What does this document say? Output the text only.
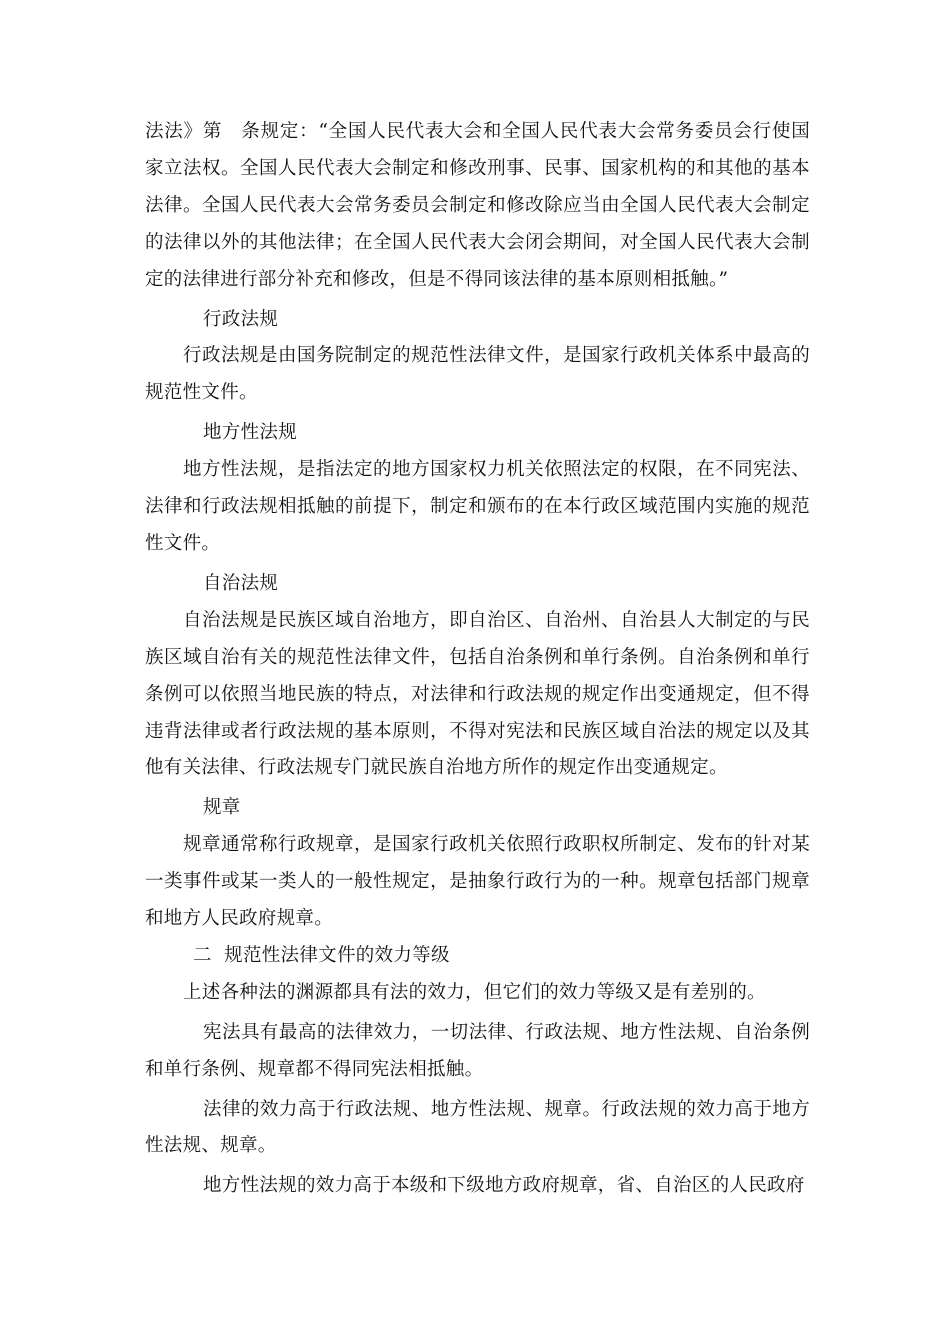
法法》第　条规定：“全国人民代表大会和全国人民代表大会常务委员会行使国家立法权。全国人民代表大会制定和修改刑事、民事、国家机构的和其他的基本法律。全国人民代表大会常务委员会制定和修改除应当由全国人民代表大会制定的法律以外的其他法律；在全国人民代表大会闭会期间，对全国人民代表大会制定的法律进行部分补充和修改，但是不得同该法律的基本原则相抵触。”

行政法规

行政法规是由国务院制定的规范性法律文件，是国家行政机关体系中最高的规范性文件。

地方性法规

地方性法规，是指法定的地方国家权力机关依照法定的权限，在不同宪法、法律和行政法规相抵触的前提下，制定和颁布的在本行政区域范围内实施的规范性文件。

自治法规

自治法规是民族区域自治地方，即自治区、自治州、自治县人大制定的与民族区域自治有关的规范性法律文件，包括自治条例和单行条例。自治条例和单行条例可以依照当地民族的特点，对法律和行政法规的规定作出变通规定，但不得违背法律或者行政法规的基本原则，不得对宪法和民族区域自治法的规定以及其他有关法律、行政法规专门就民族自治地方所作的规定作出变通规定。

规章

规章通常称行政规章，是国家行政机关依照行政职权所制定、发布的针对某一类事件或某一类人的一般性规定，是抽象行政行为的一种。规章包括部门规章和地方人民政府规章。

二  规范性法律文件的效力等级

上述各种法的渊源都具有法的效力，但它们的效力等级又是有差别的。

宪法具有最高的法律效力，一切法律、行政法规、地方性法规、自治条例和单行条例、规章都不得同宪法相抵触。

法律的效力高于行政法规、地方性法规、规章。行政法规的效力高于地方性法规、规章。

地方性法规的效力高于本级和下级地方政府规章，省、自治区的人民政府
